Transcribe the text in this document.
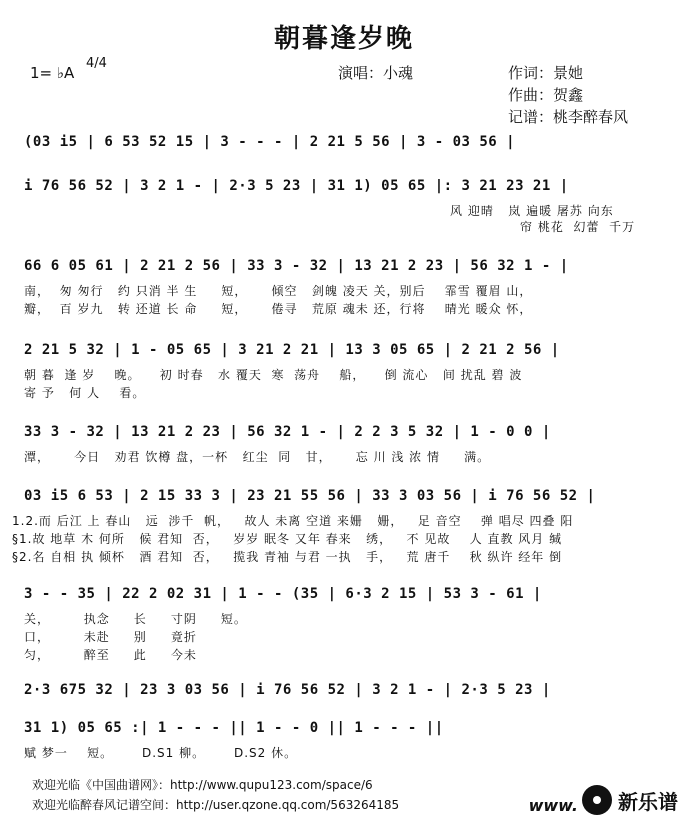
朝暮逢岁晚
1= ♭A
4/4
演唱：小魂	作词：景她
作曲：贺鑫
记谱：桃李醉春风
(03 i5 | 6 53 52 15 | 3 - - - | 2 21 5 56 | 3 - 03 56 |
i 76 56 52 | 3 2 1 - | 2·3 5 23 | 31 1) 05 65 |: 3 21 23 21 |
风 迎晴   岚 遍暖 屠苏 向东
帘 桃花  幻蕾  千万
66 6 05 61 | 2 21 2 56 | 33 3 - 32 | 13 21 2 23 | 56 32 1 - |
南，  匆 匆行   约 只消 半 生     短，     倾空   剑魄 凌天 关，别后    霏雪 覆眉 山，
瓣，  百 岁九   转 还道 长 命     短，     倦寻   荒原 魂未 还，行将    晴光 暖众 怀，
2 21 5 32 | 1 - 05 65 | 3 21 2 21 | 13 3 05 65 | 2 21 2 56 |
朝 暮  逢 岁    晚。    初 时春   水 覆天  寒  荡舟    船，    倒 流心   间 扰乱 碧 波
寄 予   何 人    看。
33 3 - 32 | 13 21 2 23 | 56 32 1 - | 2 2 3 5 32 | 1 - 0 0 |
潭，     今日   劝君 饮樽 盘，一杯   红尘  同   甘，     忘 川 浅 浓 情     满。
03 i5 6 53 | 2 15 33 3 | 23 21 55 56 | 33 3 03 56 | i 76 56 52 |
1.2.而 后江 上 春山   远  涉千  帆，   故人 未离 空道 来姗   姗，   足 音空    弹 唱尽 四叠 阳
§1.故 地草 木 何所   候 君知  否，   岁岁 眠冬 又年 春来   绣，   不 见故    人 直教 风月 缄
§2.名 自相 执 倾杯   酒 君知  否，   揽我 青袖 与君 一执   手，   荒 唐千    秋 纵许 经年 倒
3 - - 35 | 22 2 02 31 | 1 - - (35 | 6·3 2 15 | 53 3 - 61 |
关，       执念     长     寸阴     短。
口，       未赴     别     竟折
匀，       醉至     此     今未
2·3 675 32 | 23 3 03 56 | i 76 56 52 | 3 2 1 - | 2·3 5 23 |
31 1) 05 65 :| 1 - - - || 1 - - 0 || 1 - - - ||
赋 梦一    短。      D.S1 柳。      D.S2 休。
欢迎光临《中国曲谱网》：http://www.qupu123.com/space/6
欢迎光临醉春风记谱空间：http://user.qzone.qq.com/563264185	www. 新乐谱
